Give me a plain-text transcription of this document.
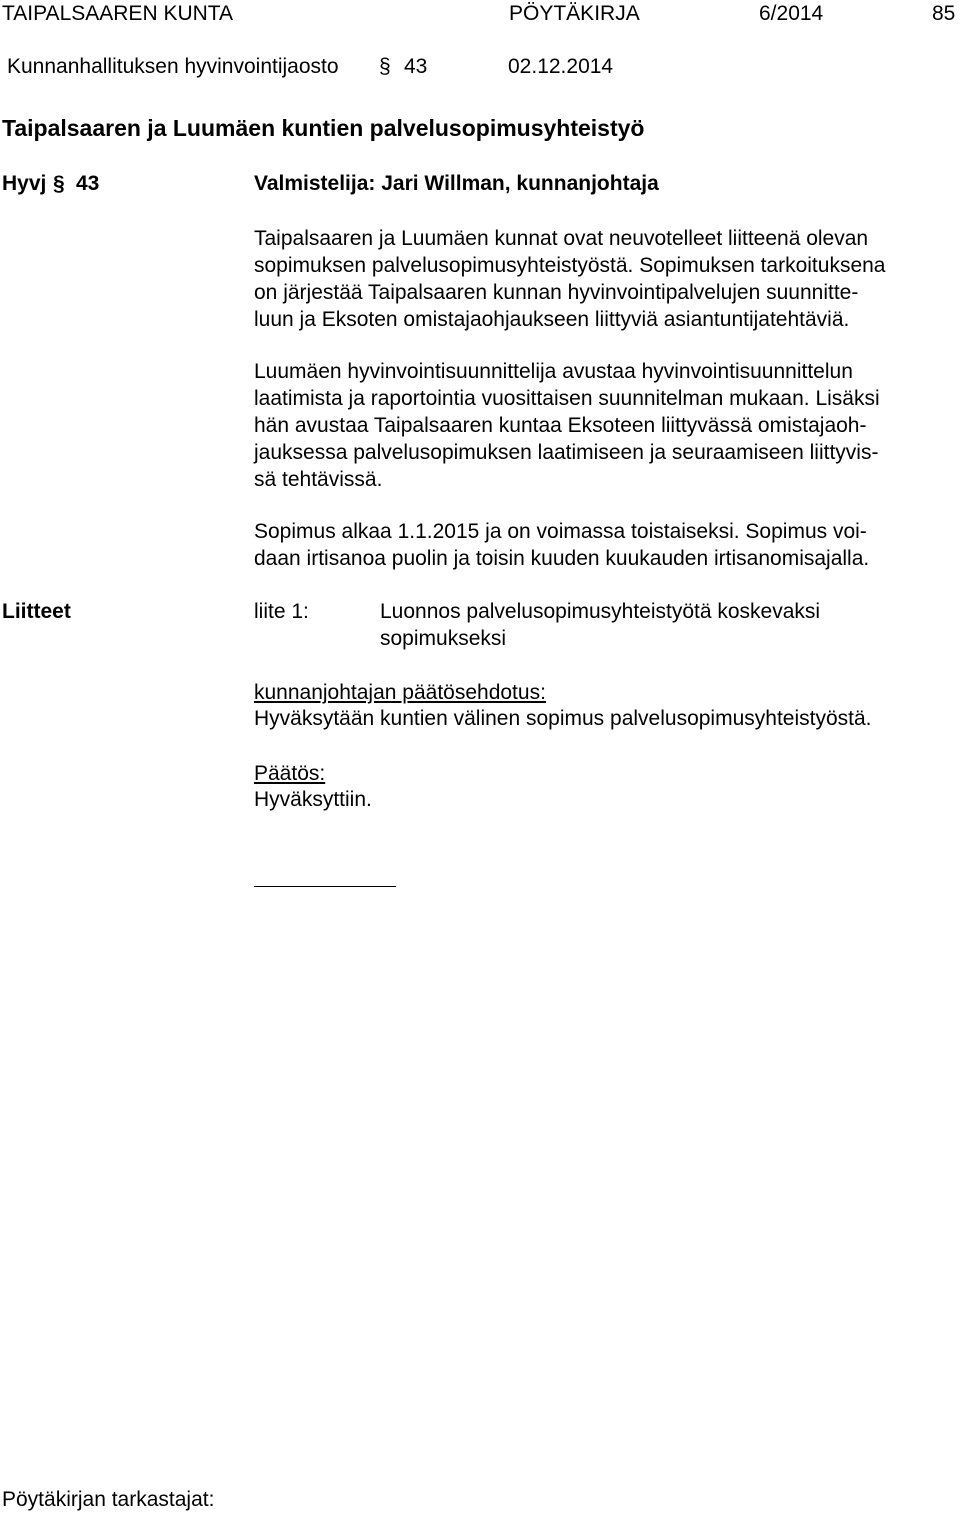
TAIPALSAAREN KUNTA	PÖYTÄKIRJA	6/2014	85
Kunnanhallituksen hyvinvointijaosto § 43	02.12.2014
Taipalsaaren ja Luumäen kuntien palvelusopimusyhteistyö
Hyvj § 43	Valmistelija: Jari Willman, kunnanjohtaja
Taipalsaaren ja Luumäen kunnat ovat neuvotelleet liitteenä olevan
sopimuksen palvelusopimusyhteistyöstä. Sopimuksen tarkoituksena
on järjestää Taipalsaaren kunnan hyvinvointipalvelujen suunnitte-
luun ja Eksoten omistajaohjaukseen liittyviä asiantuntijatehtäviä.
Luumäen hyvinvointisuunnittelija avustaa hyvinvointisuunnittelun
laatimista ja raportointia vuosittaisen suunnitelman mukaan. Lisäksi
hän avustaa Taipalsaaren kuntaa Eksoteen liittyvässä omistajaoh-
jauksessa palvelusopimuksen laatimiseen ja seuraamiseen liittyvis-
sä tehtävissä.
Sopimus alkaa 1.1.2015 ja on voimassa toistaiseksi. Sopimus voi-
daan irtisanoa puolin ja toisin kuuden kuukauden irtisanomisajalla.
Liitteet	liite 1:	Luonnos palvelusopimusyhteistyötä koskevaksi
sopimukseksi
kunnanjohtajan päätösehdotus:
Hyväksytään kuntien välinen sopimus palvelusopimusyhteistyöstä.
Päätös:
Hyväksyttiin.
Pöytäkirjan tarkastajat:
